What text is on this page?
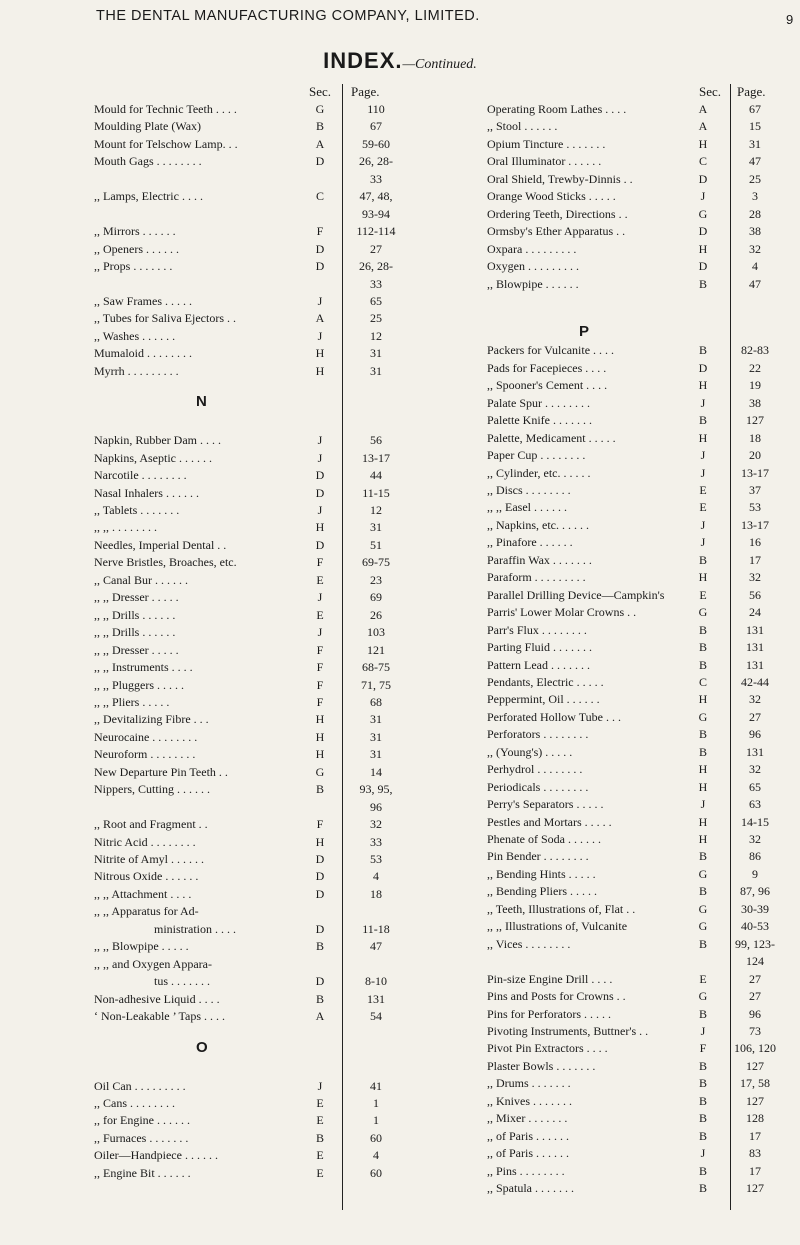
THE DENTAL MANUFACTURING COMPANY, LIMITED.	9
INDEX.—Continued.
Sec. Page.	Sec. Page.
Mould for Technic Teeth . . . .	G	110
Moulding Plate (Wax)	B	67
Mount for Telschow Lamp. . .	A	59-60
Mouth Gags . . . . . . . .	D	26, 28-
33
,, Lamps, Electric . . . .	C	47, 48,
93-94
,, Mirrors . . . . . .	F	112-114
,, Openers . . . . . .	D	27
,, Props . . . . . . .	D	26, 28-
33
,, Saw Frames . . . . .	J	65
,, Tubes for Saliva Ejectors . .	A	25
,, Washes . . . . . .	J	12
Mumaloid . . . . . . . .	H	31
Myrrh . . . . . . . . .	H	31
N
Napkin, Rubber Dam . . . .	J	56
Napkins, Aseptic . . . . . .	J	13-17
Narcotile . . . . . . . .	D	44
Nasal Inhalers . . . . . .	D	11-15
,, Tablets . . . . . . .	J	12
,, ,, . . . . . . . .	H	31
Needles, Imperial Dental . .	D	51
Nerve Bristles, Broaches, etc.	F	69-75
,, Canal Bur . . . . . .	E	23
,, ,, Dresser . . . . .	J	69
,, ,, Drills . . . . . .	E	26
,, ,, Drills . . . . . .	J	103
,, ,, Dresser . . . . .	F	121
,, ,, Instruments . . . .	F	68-75
,, ,, Pluggers . . . . .	F	71, 75
,, ,, Pliers . . . . .	F	68
,, Devitalizing Fibre . . .	H	31
Neurocaine . . . . . . . .	H	31
Neuroform . . . . . . . .	H	31
New Departure Pin Teeth . .	G	14
Nippers, Cutting . . . . . .	B	93, 95,
96
,, Root and Fragment . .	F	32
Nitric Acid . . . . . . . .	H	33
Nitrite of Amyl . . . . . .	D	53
Nitrous Oxide . . . . . .	D	4
,, ,, Attachment . . . .	D	18
,, ,, Apparatus for Ad-
ministration . . . .	D	11-18
,, ,, Blowpipe . . . . .	B	47
,, ,, and Oxygen Appara-
tus . . . . . . .	D	8-10
Non-adhesive Liquid . . . .	B	131
‘ Non-Leakable ’ Taps . . . .	A	54
O
Oil Can . . . . . . . . .	J	41
,, Cans . . . . . . . .	E	1
,, for Engine . . . . . .	E	1
,, Furnaces . . . . . . .	B	60
Oiler—Handpiece . . . . . .	E	4
,, Engine Bit . . . . . .	E	60
Operating Room Lathes . . . .	A	67
,, Stool . . . . . .	A	15
Opium Tincture . . . . . . .	H	31
Oral Illuminator . . . . . .	C	47
Oral Shield, Trewby-Dinnis . .	D	25
Orange Wood Sticks . . . . .	J	3
Ordering Teeth, Directions . .	G	28
Ormsby's Ether Apparatus . .	D	38
Oxpara . . . . . . . . .	H	32
Oxygen . . . . . . . . .	D	4
,, Blowpipe . . . . . .	B	47
P
Packers for Vulcanite . . . .	B	82-83
Pads for Facepieces . . . .	D	22
,, Spooner's Cement . . . .	H	19
Palate Spur . . . . . . . .	J	38
Palette Knife . . . . . . .	B	127
Palette, Medicament . . . . .	H	18
Paper Cup . . . . . . . .	J	20
,, Cylinder, etc. . . . . .	J	13-17
,, Discs . . . . . . . .	E	37
,, ,, Easel . . . . . .	E	53
,, Napkins, etc. . . . . .	J	13-17
,, Pinafore . . . . . .	J	16
Paraffin Wax . . . . . . .	B	17
Paraform . . . . . . . . .	H	32
Parallel Drilling Device—Campkin's	E	56
Parris' Lower Molar Crowns . .	G	24
Parr's Flux . . . . . . . .	B	131
Parting Fluid . . . . . . .	B	131
Pattern Lead . . . . . . .	B	131
Pendants, Electric . . . . .	C	42-44
Peppermint, Oil . . . . . .	H	32
Perforated Hollow Tube . . .	G	27
Perforators . . . . . . . .	B	96
,, (Young's) . . . . .	B	131
Perhydrol . . . . . . . .	H	32
Periodicals . . . . . . . .	H	65
Perry's Separators . . . . .	J	63
Pestles and Mortars . . . . .	H	14-15
Phenate of Soda . . . . . .	H	32
Pin Bender . . . . . . . .	B	86
,, Bending Hints . . . . .	G	9
,, Bending Pliers . . . . .	B	87, 96
,, Teeth, Illustrations of, Flat . .	G	30-39
,, ,, Illustrations of, Vulcanite	G	40-53
,, Vices . . . . . . . .	B	99, 123-
124
Pin-size Engine Drill . . . .	E	27
Pins and Posts for Crowns . .	G	27
Pins for Perforators . . . . .	B	96
Pivoting Instruments, Buttner's . .	J	73
Pivot Pin Extractors . . . .	F	106, 120
Plaster Bowls . . . . . . .	B	127
,, Drums . . . . . . .	B	17, 58
,, Knives . . . . . . .	B	127
,, Mixer . . . . . . .	B	128
,, of Paris . . . . . .	B	17
,, of Paris . . . . . .	J	83
,, Pins . . . . . . . .	B	17
,, Spatula . . . . . . .	B	127
